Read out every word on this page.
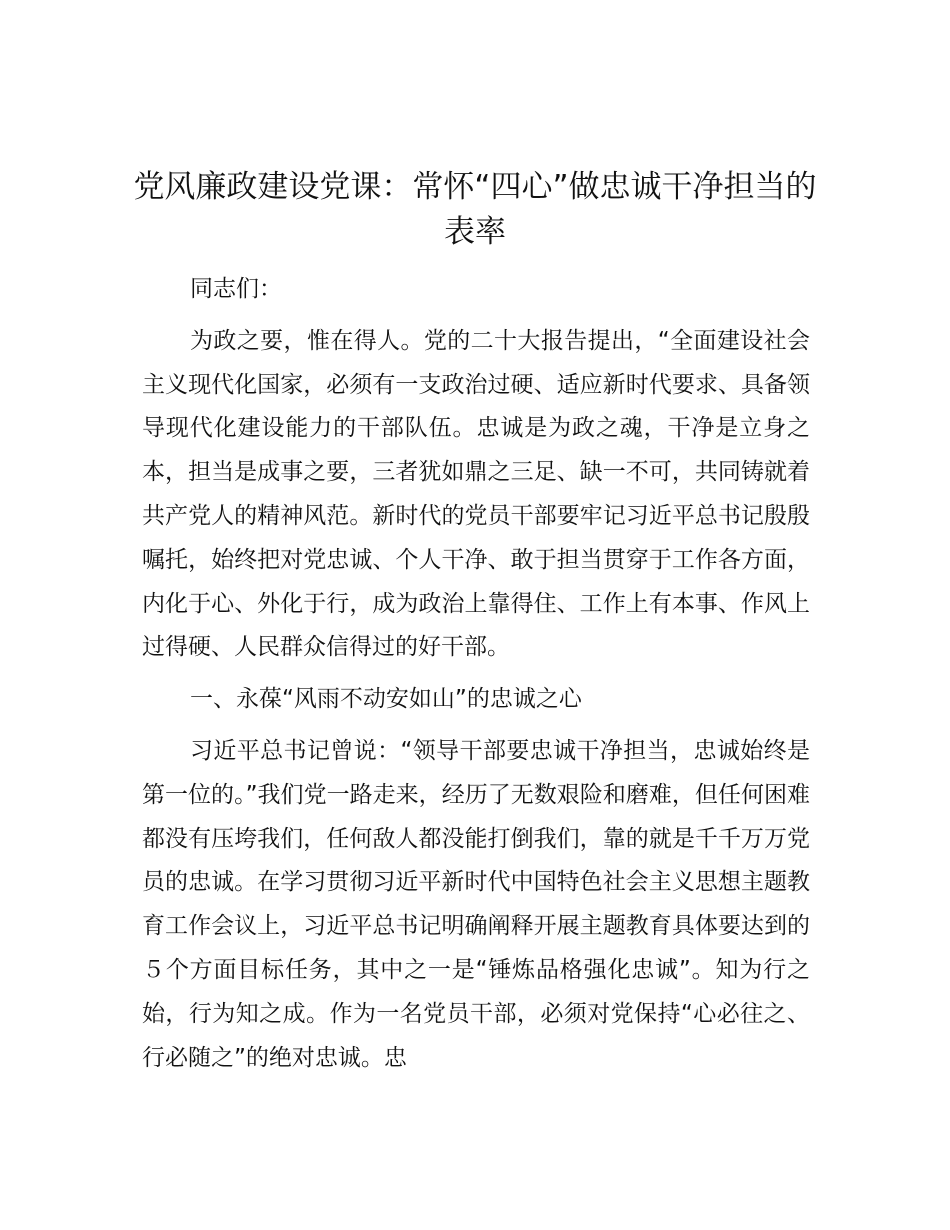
党风廉政建设党课：常怀“四心”做忠诚干净担当的表率

同志们：

为政之要，惟在得人。党的二十大报告提出，“全面建设社会主义现代化国家，必须有一支政治过硬、适应新时代要求、具备领导现代化建设能力的干部队伍。忠诚是为政之魂，干净是立身之本，担当是成事之要，三者犹如鼎之三足、缺一不可，共同铸就着共产党人的精神风范。新时代的党员干部要牢记习近平总书记殷殷嘱托，始终把对党忠诚、个人干净、敢于担当贯穿于工作各方面，内化于心、外化于行，成为政治上靠得住、工作上有本事、作风上过得硬、人民群众信得过的好干部。

一、永葆“风雨不动安如山”的忠诚之心

习近平总书记曾说：“领导干部要忠诚干净担当，忠诚始终是第一位的。”我们党一路走来，经历了无数艰险和磨难，但任何困难都没有压垮我们，任何敌人都没能打倒我们，靠的就是千千万万党员的忠诚。在学习贯彻习近平新时代中国特色社会主义思想主题教育工作会议上，习近平总书记明确阐释开展主题教育具体要达到的５个方面目标任务，其中之一是“锤炼品格强化忠诚”。知为行之始，行为知之成。作为一名党员干部，必须对党保持“心必往之、行必随之”的绝对忠诚。忠
